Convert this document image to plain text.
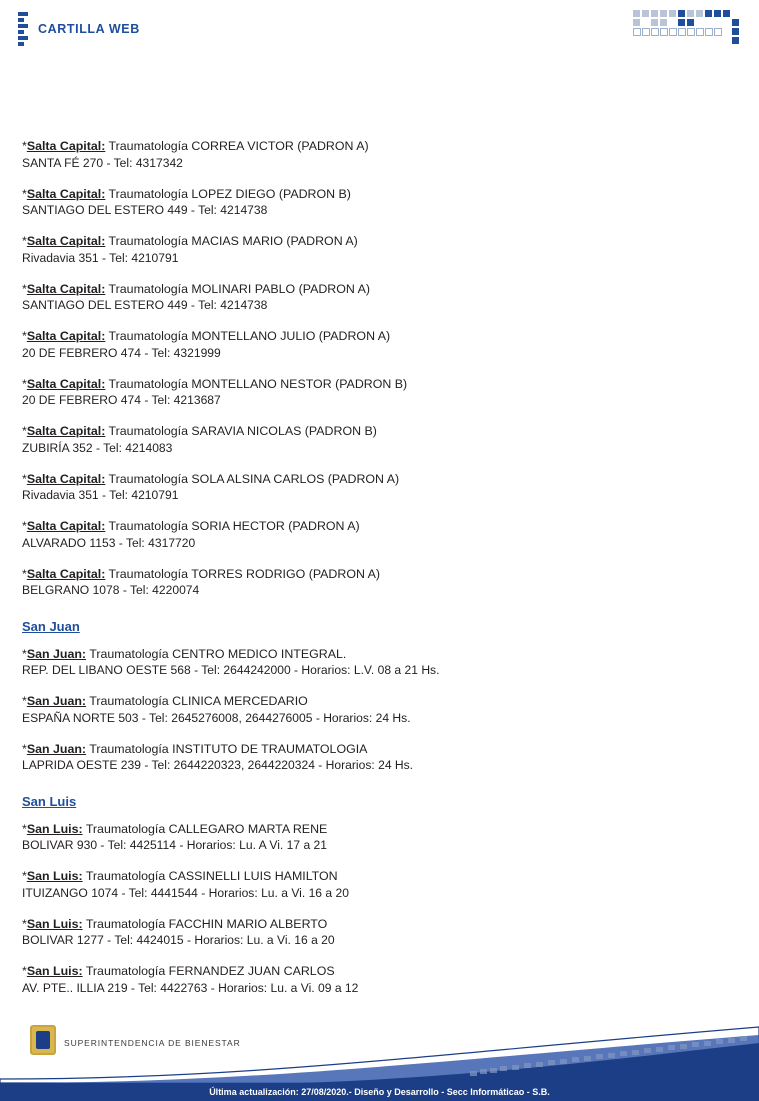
CARTILLA WEB
*Salta Capital: Traumatología CORREA VICTOR (PADRON A)
SANTA FÉ 270 - Tel: 4317342
*Salta Capital: Traumatología LOPEZ DIEGO (PADRON B)
SANTIAGO DEL ESTERO 449 - Tel: 4214738
*Salta Capital: Traumatología MACIAS MARIO (PADRON A)
Rivadavia 351 - Tel: 4210791
*Salta Capital: Traumatología MOLINARI PABLO (PADRON A)
SANTIAGO DEL ESTERO 449 - Tel: 4214738
*Salta Capital: Traumatología MONTELLANO JULIO (PADRON A)
20 DE FEBRERO 474 - Tel: 4321999
*Salta Capital: Traumatología MONTELLANO NESTOR (PADRON B)
20 DE FEBRERO 474 - Tel: 4213687
*Salta Capital: Traumatología SARAVIA NICOLAS (PADRON B)
ZUBIRÍA 352 - Tel: 4214083
*Salta Capital: Traumatología SOLA ALSINA CARLOS (PADRON A)
Rivadavia 351 - Tel: 4210791
*Salta Capital: Traumatología SORIA HECTOR (PADRON A)
ALVARADO 1153 - Tel: 4317720
*Salta Capital: Traumatología TORRES RODRIGO (PADRON A)
BELGRANO 1078 - Tel: 4220074
San Juan
*San Juan: Traumatología CENTRO MEDICO INTEGRAL.
REP. DEL LIBANO OESTE 568 - Tel: 2644242000 - Horarios: L.V. 08 a 21 Hs.
*San Juan: Traumatología CLINICA MERCEDARIO
ESPAÑA NORTE 503 - Tel: 2645276008, 2644276005 - Horarios: 24 Hs.
*San Juan: Traumatología INSTITUTO DE TRAUMATOLOGIA
LAPRIDA OESTE 239 - Tel: 2644220323, 2644220324 - Horarios: 24 Hs.
San Luis
*San Luis: Traumatología CALLEGARO MARTA RENE
BOLIVAR 930 - Tel: 4425114 - Horarios: Lu. A Vi. 17 a 21
*San Luis: Traumatología CASSINELLI LUIS HAMILTON
ITUIZANGO 1074 - Tel: 4441544 - Horarios: Lu. a Vi. 16 a 20
*San Luis: Traumatología FACCHIN MARIO ALBERTO
BOLIVAR 1277 - Tel: 4424015 - Horarios: Lu. a Vi. 16 a 20
*San Luis: Traumatología FERNANDEZ JUAN CARLOS
AV. PTE.. ILLIA 219 - Tel: 4422763 - Horarios: Lu. a Vi. 09 a 12
SUPERINTENDENCIA DE BIENESTAR
Última actualización: 27/08/2020.- Diseño y Desarrollo - Secc Informáticao - S.B.
